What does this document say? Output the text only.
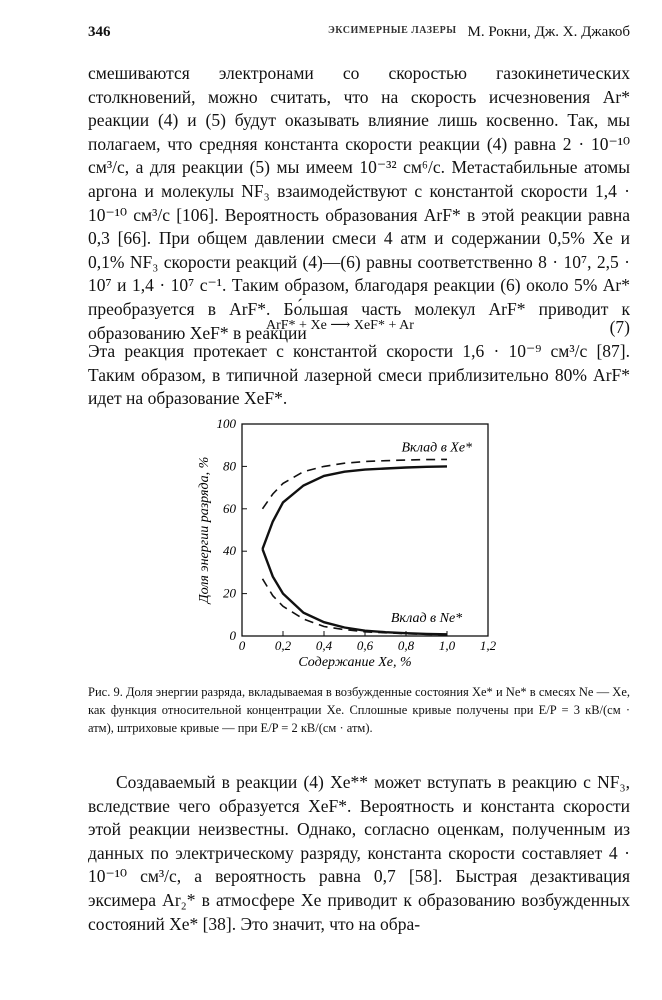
346	ЭКСИМЕРНЫЕ ЛАЗЕРЫ М. Рокни, Дж. Х. Джакоб

смешиваются электронами со скоростью газокинетических столкновений, можно считать, что на скорость исчезновения Ar* реакции (4) и (5) будут оказывать влияние лишь косвенно. Так, мы полагаем, что средняя константа скорости реакции (4) равна 2 · 10⁻¹⁰ см³/с, а для реакции (5) мы имеем 10⁻³² см⁶/с. Метастабильные атомы аргона и молекулы NF₃ взаимодействуют с константой скорости 1,4 · 10⁻¹⁰ см³/с [106]. Вероятность образования ArF* в этой реакции равна 0,3 [66]. При общем давлении смеси 4 атм и содержании 0,5% Xe и 0,1% NF₃ скорости реакций (4)—(6) равны соответственно 8 · 10⁷, 2,5 · 10⁷ и 1,4 · 10⁷ с⁻¹. Таким образом, благодаря реакции (6) около 5% Ar* преобразуется в ArF*. Бо́льшая часть молекул ArF* приводит к образованию XeF* в реакции

ArF* + Xe ⟶ XeF* + Ar	(7)

Эта реакция протекает с константой скорости 1,6 · 10⁻⁹ см³/с [87]. Таким образом, в типичной лазерной смеси приблизительно 80% ArF* идет на образование XeF*.

0 0,2 0,4 0,6 0,8 1,0 1,2
0
20
40
60
80
100
Содержание Xe, %
Доля энергии разряда, %
Вклад в Xe*
Вклад в Ne*

Рис. 9. Доля энергии разряда, вкладываемая в возбужденные состояния Xe* и Ne* в смесях Ne — Xe, как функция относительной концентрации Xe. Сплошные кривые получены при E/P = 3 кВ/(см · атм), штриховые кривые — при E/P = 2 кВ/(см · атм).

Создаваемый в реакции (4) Xe** может вступать в реакцию с NF₃, вследствие чего образуется XeF*. Вероятность и константа скорости этой реакции неизвестны. Однако, согласно оценкам, полученным из данных по электрическому разряду, константа скорости составляет 4 · 10⁻¹⁰ см³/с, а вероятность равна 0,7 [58]. Быстрая дезактивация эксимера Ar₂* в атмосфере Xe приводит к образованию возбужденных состояний Xe* [38]. Это значит, что на обра-
